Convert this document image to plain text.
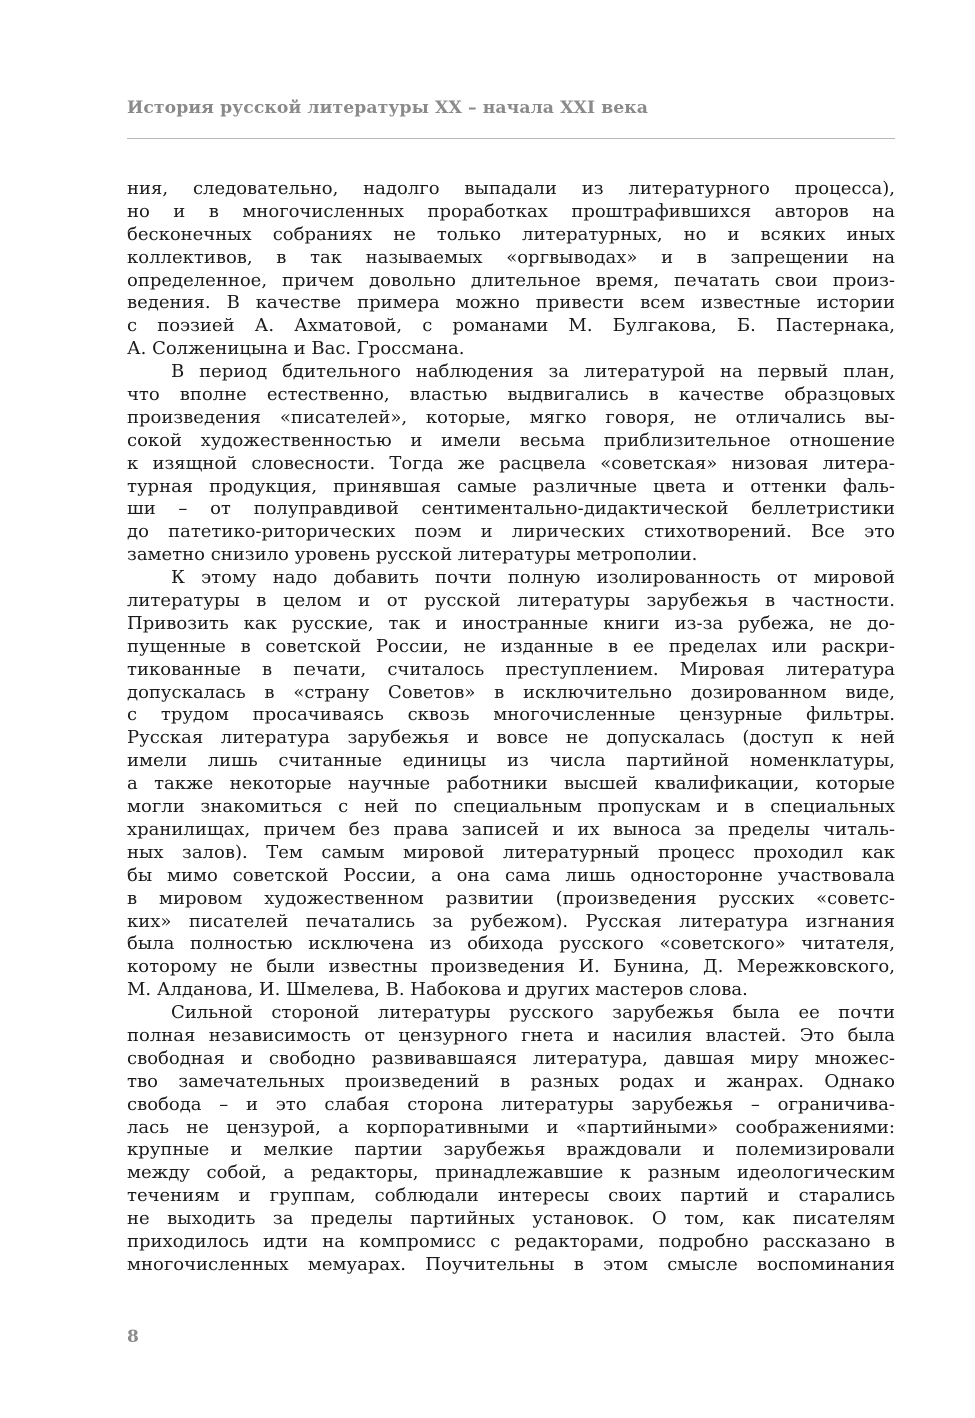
История русской литературы XX – начала XXI века
ния, следовательно, надолго выпадали из литературного процесса),
но и в многочисленных проработках проштрафившихся авторов на
бесконечных собраниях не только литературных, но и всяких иных
коллективов, в так называемых «оргвыводах» и в запрещении на
определенное, причем довольно длительное время, печатать свои произ-
ведения. В качестве примера можно привести всем известные истории
с поэзией А. Ахматовой, с романами М. Булгакова, Б. Пастернака,
А. Солженицына и Вас. Гроссмана.
В период бдительного наблюдения за литературой на первый план,
что вполне естественно, властью выдвигались в качестве образцовых
произведения «писателей», которые, мягко говоря, не отличались вы-
сокой художественностью и имели весьма приблизительное отношение
к изящной словесности. Тогда же расцвела «советская» низовая литера-
турная продукция, принявшая самые различные цвета и оттенки фаль-
ши – от полуправдивой сентиментально-дидактической беллетристики
до патетико-риторических поэм и лирических стихотворений. Все это
заметно снизило уровень русской литературы метрополии.
К этому надо добавить почти полную изолированность от мировой
литературы в целом и от русской литературы зарубежья в частности.
Привозить как русские, так и иностранные книги из-за рубежа, не до-
пущенные в советской России, не изданные в ее пределах или раскри-
тикованные в печати, считалось преступлением. Мировая литература
допускалась в «страну Советов» в исключительно дозированном виде,
с трудом просачиваясь сквозь многочисленные цензурные фильтры.
Русская литература зарубежья и вовсе не допускалась (доступ к ней
имели лишь считанные единицы из числа партийной номенклатуры,
а также некоторые научные работники высшей квалификации, которые
могли знакомиться с ней по специальным пропускам и в специальных
хранилищах, причем без права записей и их выноса за пределы читаль-
ных залов). Тем самым мировой литературный процесс проходил как
бы мимо советской России, а она сама лишь односторонне участвовала
в мировом художественном развитии (произведения русских «советс-
ких» писателей печатались за рубежом). Русская литература изгнания
была полностью исключена из обихода русского «советского» читателя,
которому не были известны произведения И. Бунина, Д. Мережковского,
М. Алданова, И. Шмелева, В. Набокова и других мастеров слова.
Сильной стороной литературы русского зарубежья была ее почти
полная независимость от цензурного гнета и насилия властей. Это была
свободная и свободно развивавшаяся литература, давшая миру множес-
тво замечательных произведений в разных родах и жанрах. Однако
свобода – и это слабая сторона литературы зарубежья – ограничива-
лась не цензурой, а корпоративными и «партийными» соображениями:
крупные и мелкие партии зарубежья враждовали и полемизировали
между собой, а редакторы, принадлежавшие к разным идеологическим
течениям и группам, соблюдали интересы своих партий и старались
не выходить за пределы партийных установок. О том, как писателям
приходилось идти на компромисс с редакторами, подробно рассказано в
многочисленных мемуарах. Поучительны в этом смысле воспоминания
8
